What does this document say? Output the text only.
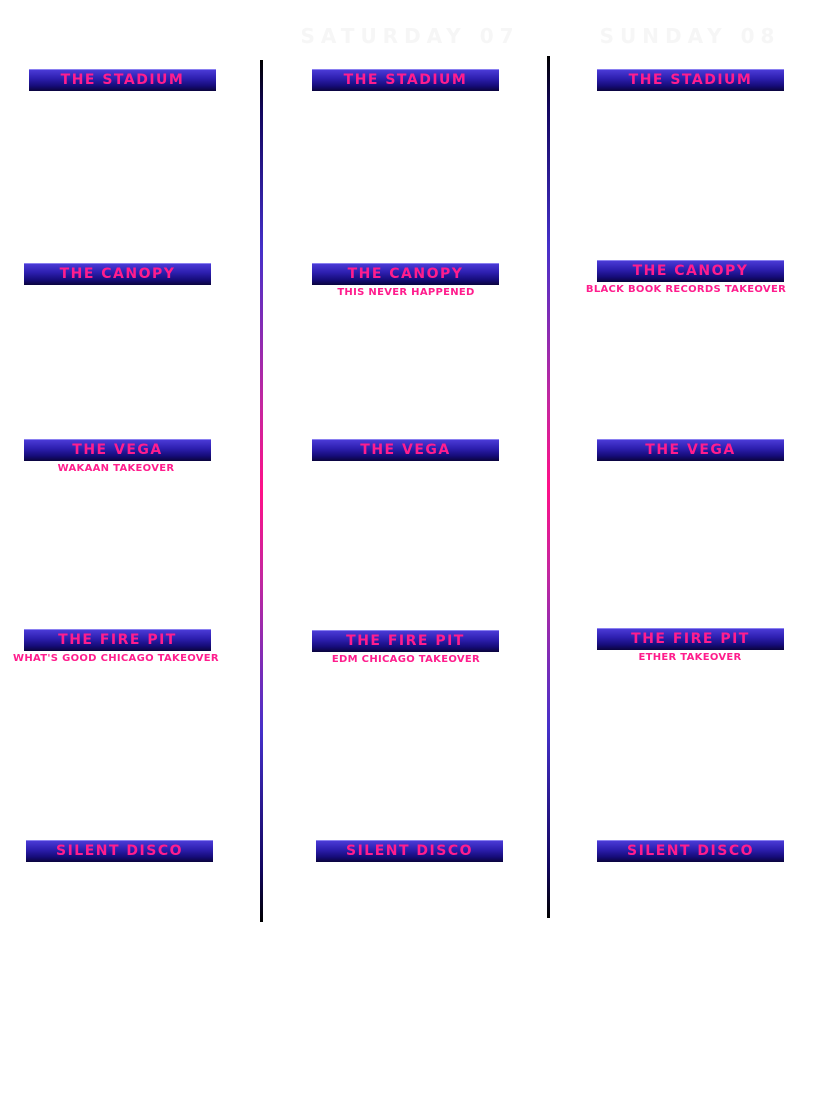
SATURDAY 07	SUNDAY 08
THE STADIUM
THE CANOPY
THE VEGA
WAKAAN TAKEOVER
THE FIRE PIT
WHAT'S GOOD CHICAGO TAKEOVER
SILENT DISCO
THE STADIUM
THE CANOPY
THIS NEVER HAPPENED
THE VEGA
THE FIRE PIT
EDM CHICAGO TAKEOVER
SILENT DISCO
THE STADIUM
THE CANOPY
BLACK BOOK RECORDS TAKEOVER
THE VEGA
THE FIRE PIT
ETHER TAKEOVER
SILENT DISCO
